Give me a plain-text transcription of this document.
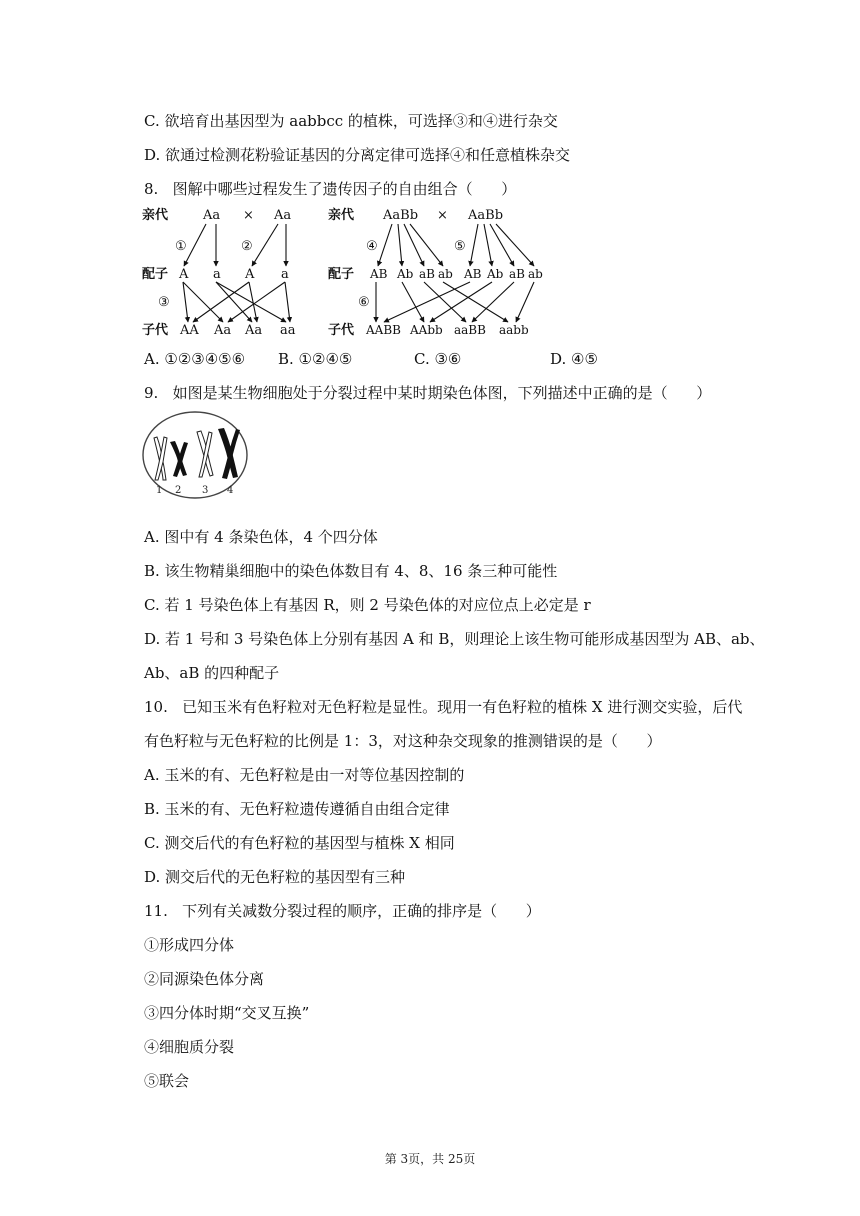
C. 欲培育出基因型为 aabbcc 的植株，可选择③和④进行杂交
D. 欲通过检测花粉验证基因的分离定律可选择④和任意植株杂交
8.   图解中哪些过程发生了遗传因子的自由组合（      ）
亲代
配子
子代
亲代
配子
子代
Aa × Aa
A a A a
AA Aa Aa aa
①	②
③
AaBb × AaBb
④	⑤
⑥
AB Ab aB ab AB Ab aB ab
AABB AAbb aaBB aabb
A. ①②③④⑤⑥ B. ①②④⑤	C. ③⑥	D. ④⑤
9.   如图是某生物细胞处于分裂过程中某时期染色体图，下列描述中正确的是（      ）
1 2 3 4
A. 图中有 4 条染色体，4 个四分体
B. 该生物精巢细胞中的染色体数目有 4、8、16 条三种可能性
C. 若 1 号染色体上有基因 R，则 2 号染色体的对应位点上必定是 r
D. 若 1 号和 3 号染色体上分别有基因 A 和 B，则理论上该生物可能形成基因型为 AB、ab、
Ab、aB 的四种配子
10.   已知玉米有色籽粒对无色籽粒是显性。现用一有色籽粒的植株 X 进行测交实验，后代
有色籽粒与无色籽粒的比例是 1：3，对这种杂交现象的推测错误的是（      ）
A. 玉米的有、无色籽粒是由一对等位基因控制的
B. 玉米的有、无色籽粒遗传遵循自由组合定律
C. 测交后代的有色籽粒的基因型与植株 X 相同
D. 测交后代的无色籽粒的基因型有三种
11.   下列有关减数分裂过程的顺序，正确的排序是（      ）
①形成四分体
②同源染色体分离
③四分体时期“交叉互换”
④细胞质分裂
⑤联会
第 3页，共 25页
